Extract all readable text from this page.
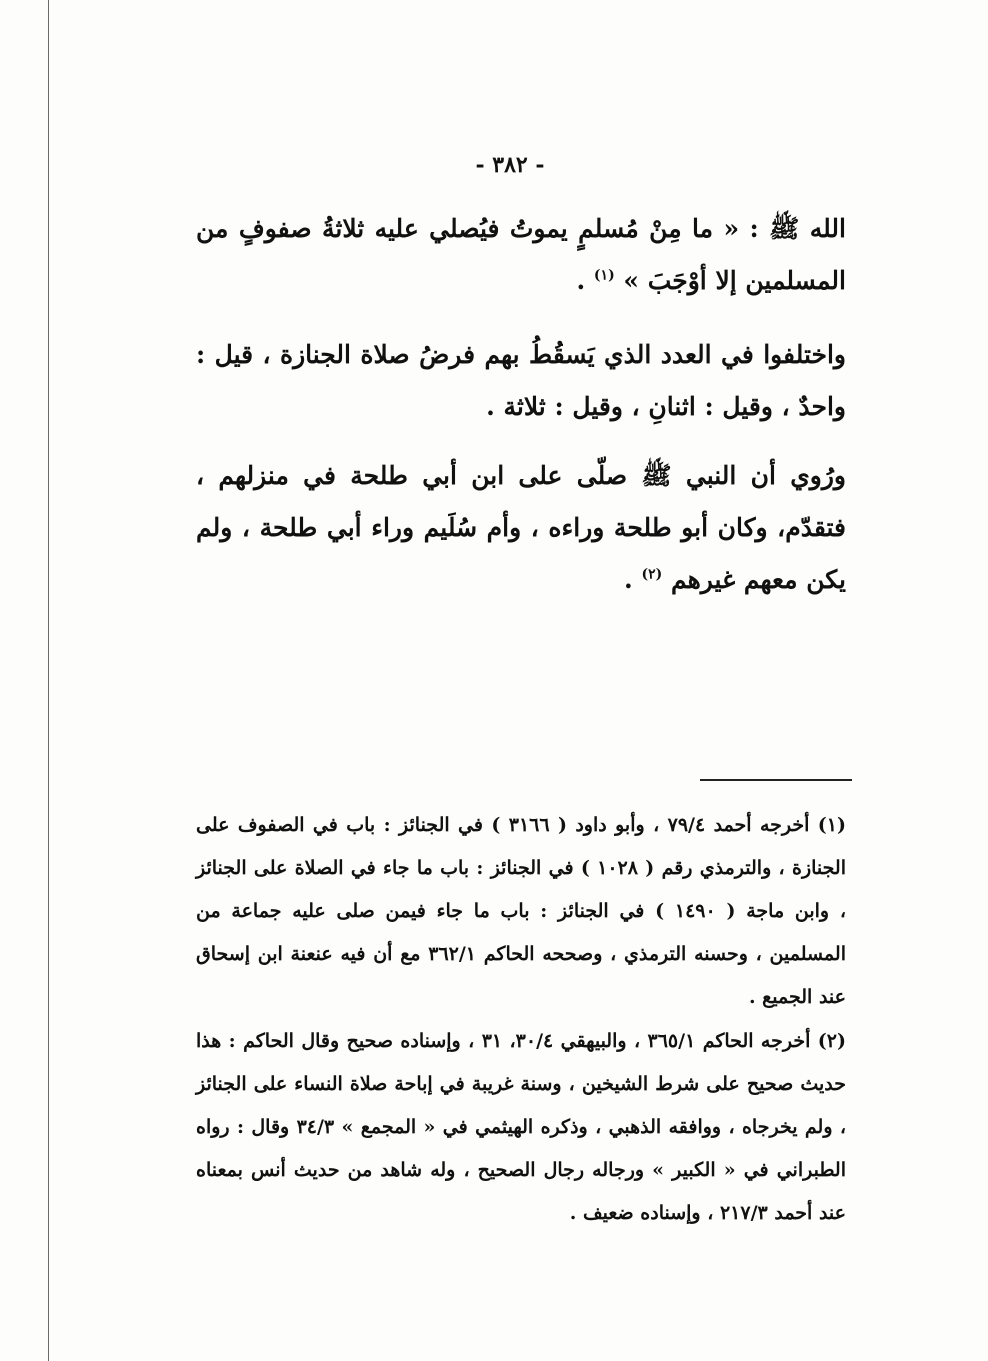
- ٣٨٢ -

الله ﷺ : « ما مِنْ مُسلمٍ يموتُ فيُصلي عليه ثلاثةُ صفوفٍ من المسلمين إلا أوْجَبَ » $^{(١)}$ .

واختلفوا في العدد الذي يَسقُطُ بهم فرضُ صلاة الجنازة ، قيل : واحدٌ ، وقيل : اثنانِ ، وقيل : ثلاثة .

ورُوي أن النبي ﷺ صلّى على ابن أبي طلحة في منزلهم ، فتقدّم، وكان أبو طلحة وراءه ، وأم سُلَيم وراء أبي طلحة ، ولم يكن معهم غيرهم $^{(٢)}$ .

(١) أخرجه أحمد ٧٩/٤ ، وأبو داود ( ٣١٦٦ ) في الجنائز : باب في الصفوف على الجنازة ، والترمذي رقم ( ١٠٢٨ ) في الجنائز : باب ما جاء في الصلاة على الجنائز ، وابن ماجة ( ١٤٩٠ ) في الجنائز : باب ما جاء فيمن صلى عليه جماعة من المسلمين ، وحسنه الترمذي ، وصححه الحاكم ٣٦٢/١ مع أن فيه عنعنة ابن إسحاق عند الجميع .

(٢) أخرجه الحاكم ٣٦٥/١ ، والبيهقي ٣٠/٤، ٣١ ، وإسناده صحيح وقال الحاكم : هذا حديث صحيح على شرط الشيخين ، وسنة غريبة في إباحة صلاة النساء على الجنائز ، ولم يخرجاه ، ووافقه الذهبي ، وذكره الهيثمي في « المجمع » ٣٤/٣ وقال : رواه الطبراني في « الكبير » ورجاله رجال الصحيح ، وله شاهد من حديث أنس بمعناه عند أحمد ٢١٧/٣ ، وإسناده ضعيف .
